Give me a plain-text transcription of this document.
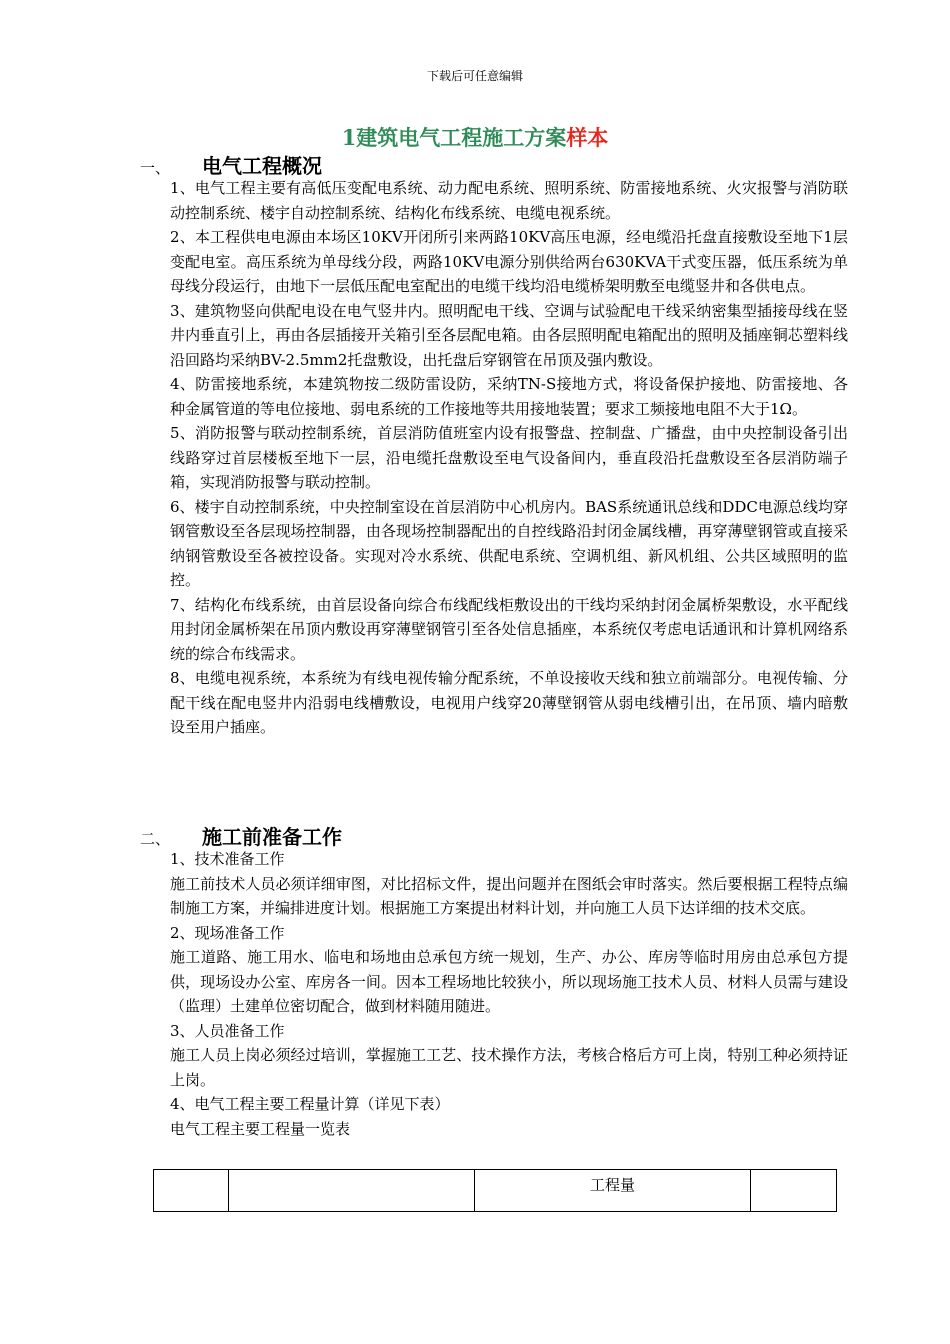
下载后可任意编辑
1建筑电气工程施工方案样本
一、 电气工程概况

1、电气工程主要有高低压变配电系统、动力配电系统、照明系统、防雷接地系统、火灾报警与消防联动控制系统、楼宇自动控制系统、结构化布线系统、电缆电视系统。

2、本工程供电电源由本场区10KV开闭所引来两路10KV高压电源，经电缆沿托盘直接敷设至地下1层变配电室。高压系统为单母线分段，两路10KV电源分别供给两台630KVA干式变压器，低压系统为单母线分段运行，由地下一层低压配电室配出的电缆干线均沿电缆桥架明敷至电缆竖井和各供电点。

3、建筑物竖向供配电设在电气竖井内。照明配电干线、空调与试验配电干线采纳密集型插接母线在竖井内垂直引上，再由各层插接开关箱引至各层配电箱。由各层照明配电箱配出的照明及插座铜芯塑料线沿回路均采纳BV-2.5mm2托盘敷设，出托盘后穿钢管在吊顶及强内敷设。

4、防雷接地系统，本建筑物按二级防雷设防，采纳TN-S接地方式，将设备保护接地、防雷接地、各种金属管道的等电位接地、弱电系统的工作接地等共用接地装置；要求工频接地电阻不大于1Ω。

5、消防报警与联动控制系统，首层消防值班室内设有报警盘、控制盘、广播盘，由中央控制设备引出线路穿过首层楼板至地下一层，沿电缆托盘敷设至电气设备间内，垂直段沿托盘敷设至各层消防端子箱，实现消防报警与联动控制。

6、楼宇自动控制系统，中央控制室设在首层消防中心机房内。BAS系统通讯总线和DDC电源总线均穿钢管敷设至各层现场控制器，由各现场控制器配出的自控线路沿封闭金属线槽，再穿薄壁钢管或直接采纳钢管敷设至各被控设备。实现对冷水系统、供配电系统、空调机组、新风机组、公共区域照明的监控。

7、结构化布线系统，由首层设备向综合布线配线柜敷设出的干线均采纳封闭金属桥架敷设，水平配线用封闭金属桥架在吊顶内敷设再穿薄壁钢管引至各处信息插座，本系统仅考虑电话通讯和计算机网络系统的综合布线需求。

8、电缆电视系统，本系统为有线电视传输分配系统，不单设接收天线和独立前端部分。电视传输、分配干线在配电竖井内沿弱电线槽敷设，电视用户线穿20薄壁钢管从弱电线槽引出，在吊顶、墙内暗敷设至用户插座。

二、 施工前准备工作

1、技术准备工作

施工前技术人员必须详细审图，对比招标文件，提出问题并在图纸会审时落实。然后要根据工程特点编制施工方案，并编排进度计划。根据施工方案提出材料计划，并向施工人员下达详细的技术交底。

2、现场准备工作

施工道路、施工用水、临电和场地由总承包方统一规划，生产、办公、库房等临时用房由总承包方提供，现场设办公室、库房各一间。因本工程场地比较狭小，所以现场施工技术人员、材料人员需与建设（监理）土建单位密切配合，做到材料随用随进。

3、人员准备工作

施工人员上岗必须经过培训，掌握施工工艺、技术操作方法，考核合格后方可上岗，特别工种必须持证上岗。

4、电气工程主要工程量计算（详见下表）

电气工程主要工程量一览表

		工程量	
